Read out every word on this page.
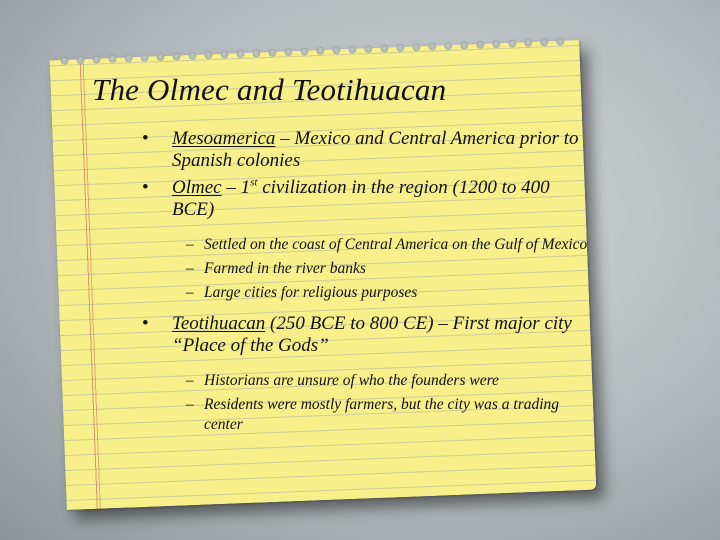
The Olmec and Teotihuacan
• Mesoamerica – Mexico and Central America prior to Spanish colonies
• Olmec – 1st civilization in the region (1200 to 400 BCE)
– Settled on the coast of Central America on the Gulf of Mexico
– Farmed in the river banks
– Large cities for religious purposes
• Teotihuacan (250 BCE to 800 CE) – First major city “Place of the Gods”
– Historians are unsure of who the founders were
– Residents were mostly farmers, but the city was a trading center
